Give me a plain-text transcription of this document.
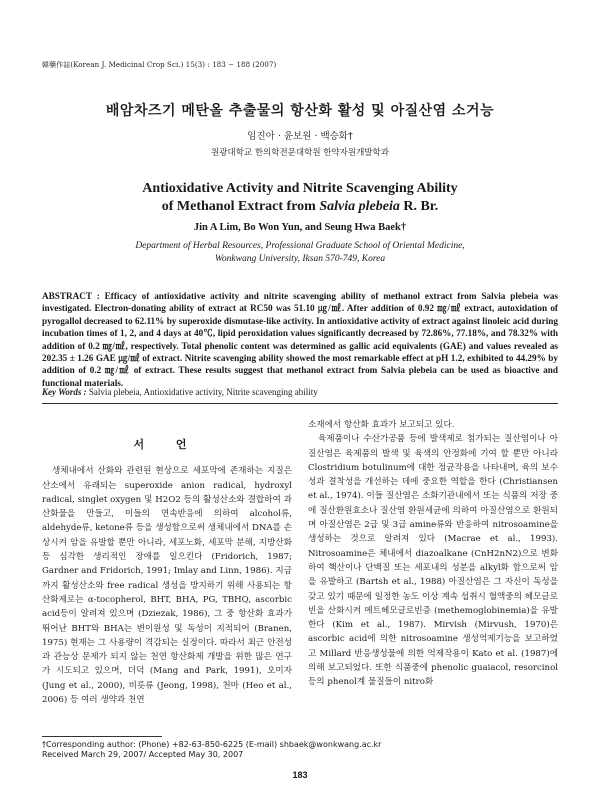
韓藥作誌(Korean J. Medicinal Crop Sci.) 15(3) : 183 − 188 (2007)
배암차즈기 메탄올 추출물의 항산화 활성 및 아질산염 소거능
임진아 · 윤보원 · 백승화†
원광대학교 한의학전문대학원 한약자원개발학과
Antioxidative Activity and Nitrite Scavenging Ability
of Methanol Extract from Salvia plebeia R. Br.
Jin A Lim, Bo Won Yun, and Seung Hwa Baek†
Department of Herbal Resources, Professional Graduate School of Oriental Medicine,
Wonkwang University, Iksan 570-749, Korea
ABSTRACT : Efficacy of antioxidative activity and nitrite scavenging ability of methanol extract from Salvia plebeia was investigated. Electron-donating ability of extract at RC50 was 51.10 ㎍/㎖. After addition of 0.92 ㎎/㎖ extract, autoxidation of pyrogallol decreased to 62.11% by superoxide dismutase-like activity. In antioxidative activity of extract against linoleic acid during incubation times of 1, 2, and 4 days at 40℃, lipid peroxidation values significantly decreased by 72.86%, 77.18%, and 78.32% with addition of 0.2 ㎎/㎖, respectively. Total phenolic content was determined as gallic acid equivalents (GAE) and values revealed as 202.35 ± 1.26 GAE ㎍/㎖ of extract. Nitrite scavenging ability showed the most remarkable effect at pH 1.2, exhibited to 44.29% by addition of 0.2 ㎎/㎖ of extract. These results suggest that methanol extract from Salvia plebeia can be used as bioactive and functional materials.
Key Words : Salvia plebeia, Antioxidative activity, Nitrite scavenging ability
서 언

생체내에서 산화와 관련된 현상으로 세포막에 존재하는 지질은 산소에서 유래되는 superoxide anion radical, hydroxyl radical, singlet oxygen 및 H2O2 등의 활성산소와 결합하여 과산화물을 만들고, 이들의 연속반응에 의하여 alcohol류, aldehyde류, ketone류 등을 생성함으로써 생체내에서 DNA를 손상시켜 암을 유발할 뿐만 아니라, 세포노화, 세포막 분해, 지방산화 등 심각한 생리적인 장애를 일으킨다 (Fridorich, 1987; Gardner and Fridorich, 1991; Imlay and Linn, 1986). 지금까지 활성산소와 free radical 생성을 방지하기 위해 사용되는 항산화제로는 α-tocopherol, BHT, BHA, PG, TBHQ, ascorbic acid등이 알려져 있으며 (Dziezak, 1986), 그 중 항산화 효과가 뛰어난 BHT와 BHA는 변이원성 및 독성이 지적되어 (Branen, 1975) 현재는 그 사용량이 격감되는 실정이다. 따라서 최근 안전성과 관능상 문제가 되지 않는 천연 항산화제 개발을 위한 많은 연구가 시도되고 있으며, 더덕 (Mang and Park, 1991), 오미자 (Jung et al., 2000), 비릇류 (Jeong, 1998), 천마 (Heo et al., 2006) 등 여러 생약과 천연

소재에서 항산화 효과가 보고되고 있다.

육제품이나 수산가공품 등에 발색제로 첨가되는 질산염이나 아질산염은 육제품의 발색 및 육색의 안정화에 기여 할 뿐만 아니라 Clostridium botulinum에 대한 정균작용을 나타내며, 육의 보수성과 결착성을 개선하는 데에 중요한 역할을 한다 (Christiansen et al., 1974). 이들 질산염은 소화기관내에서 또는 식품의 저장 중에 질산환원효소나 질산염 환원세균에 의하여 아질산염으로 환원되며 아질산염은 2급 및 3급 amine류와 반응하여 nitrosoamine을 생성하는 것으로 알려져 있다 (Macrae et al., 1993). Nitrosoamine은 체내에서 diazoalkane (CnH2nN2)으로 변화하여 핵산이나 단백질 또는 세포내의 성분을 alkyl화 함으로써 암을 유발하고 (Bartsh et al., 1988) 아질산염은 그 자신이 독성을 갖고 있기 때문에 일정한 농도 이상 계속 섭취시 혈액중의 헤모글로빈을 산화시켜 메트헤모글로빈증 (methemoglobinemia)을 유발한다 (Kim et al., 1987). Mirvish (Mirvush, 1970)은 ascorbic acid에 의한 nitrosoamine 생성억제기능을 보고하였고 Millard 반응생성물에 의한 억제작용이 Kato et al. (1987)에 의해 보고되었다. 또한 식품중에 phenolic guaiacol, resorcinol 등의 phenol계 물질들이 nitro화

†Corresponding author: (Phone) +82-63-850-6225 (E-mail) shbaek@wonkwang.ac.kr
Received March 29, 2007/ Accepted May 30, 2007
183
